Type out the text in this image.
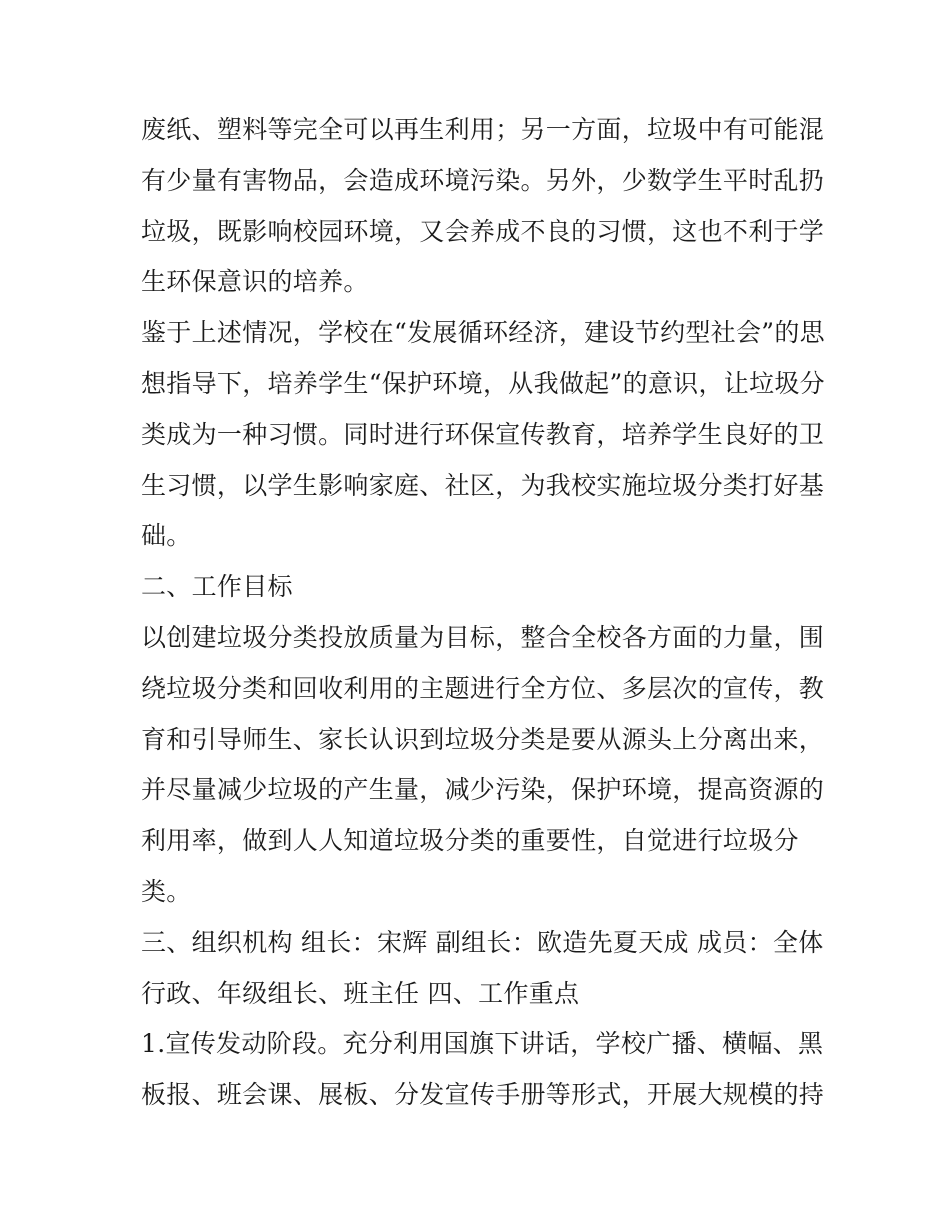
废纸、塑料等完全可以再生利用；另一方面，垃圾中有可能混
有少量有害物品，会造成环境污染。另外，少数学生平时乱扔
垃圾，既影响校园环境，又会养成不良的习惯，这也不利于学
生环保意识的培养。
鉴于上述情况，学校在“发展循环经济，建设节约型社会”的思
想指导下，培养学生“保护环境，从我做起”的意识，让垃圾分
类成为一种习惯。同时进行环保宣传教育，培养学生良好的卫
生习惯，以学生影响家庭、社区，为我校实施垃圾分类打好基
础。
二、工作目标
以创建垃圾分类投放质量为目标，整合全校各方面的力量，围
绕垃圾分类和回收利用的主题进行全方位、多层次的宣传，教
育和引导师生、家长认识到垃圾分类是要从源头上分离出来，
并尽量减少垃圾的产生量，减少污染，保护环境，提高资源的
利用率，做到人人知道垃圾分类的重要性，自觉进行垃圾分
类。
三、组织机构 组长：宋辉 副组长：欧造先夏天成 成员：全体
行政、年级组长、班主任 四、工作重点
1.宣传发动阶段。充分利用国旗下讲话，学校广播、横幅、黑
板报、班会课、展板、分发宣传手册等形式，开展大规模的持
